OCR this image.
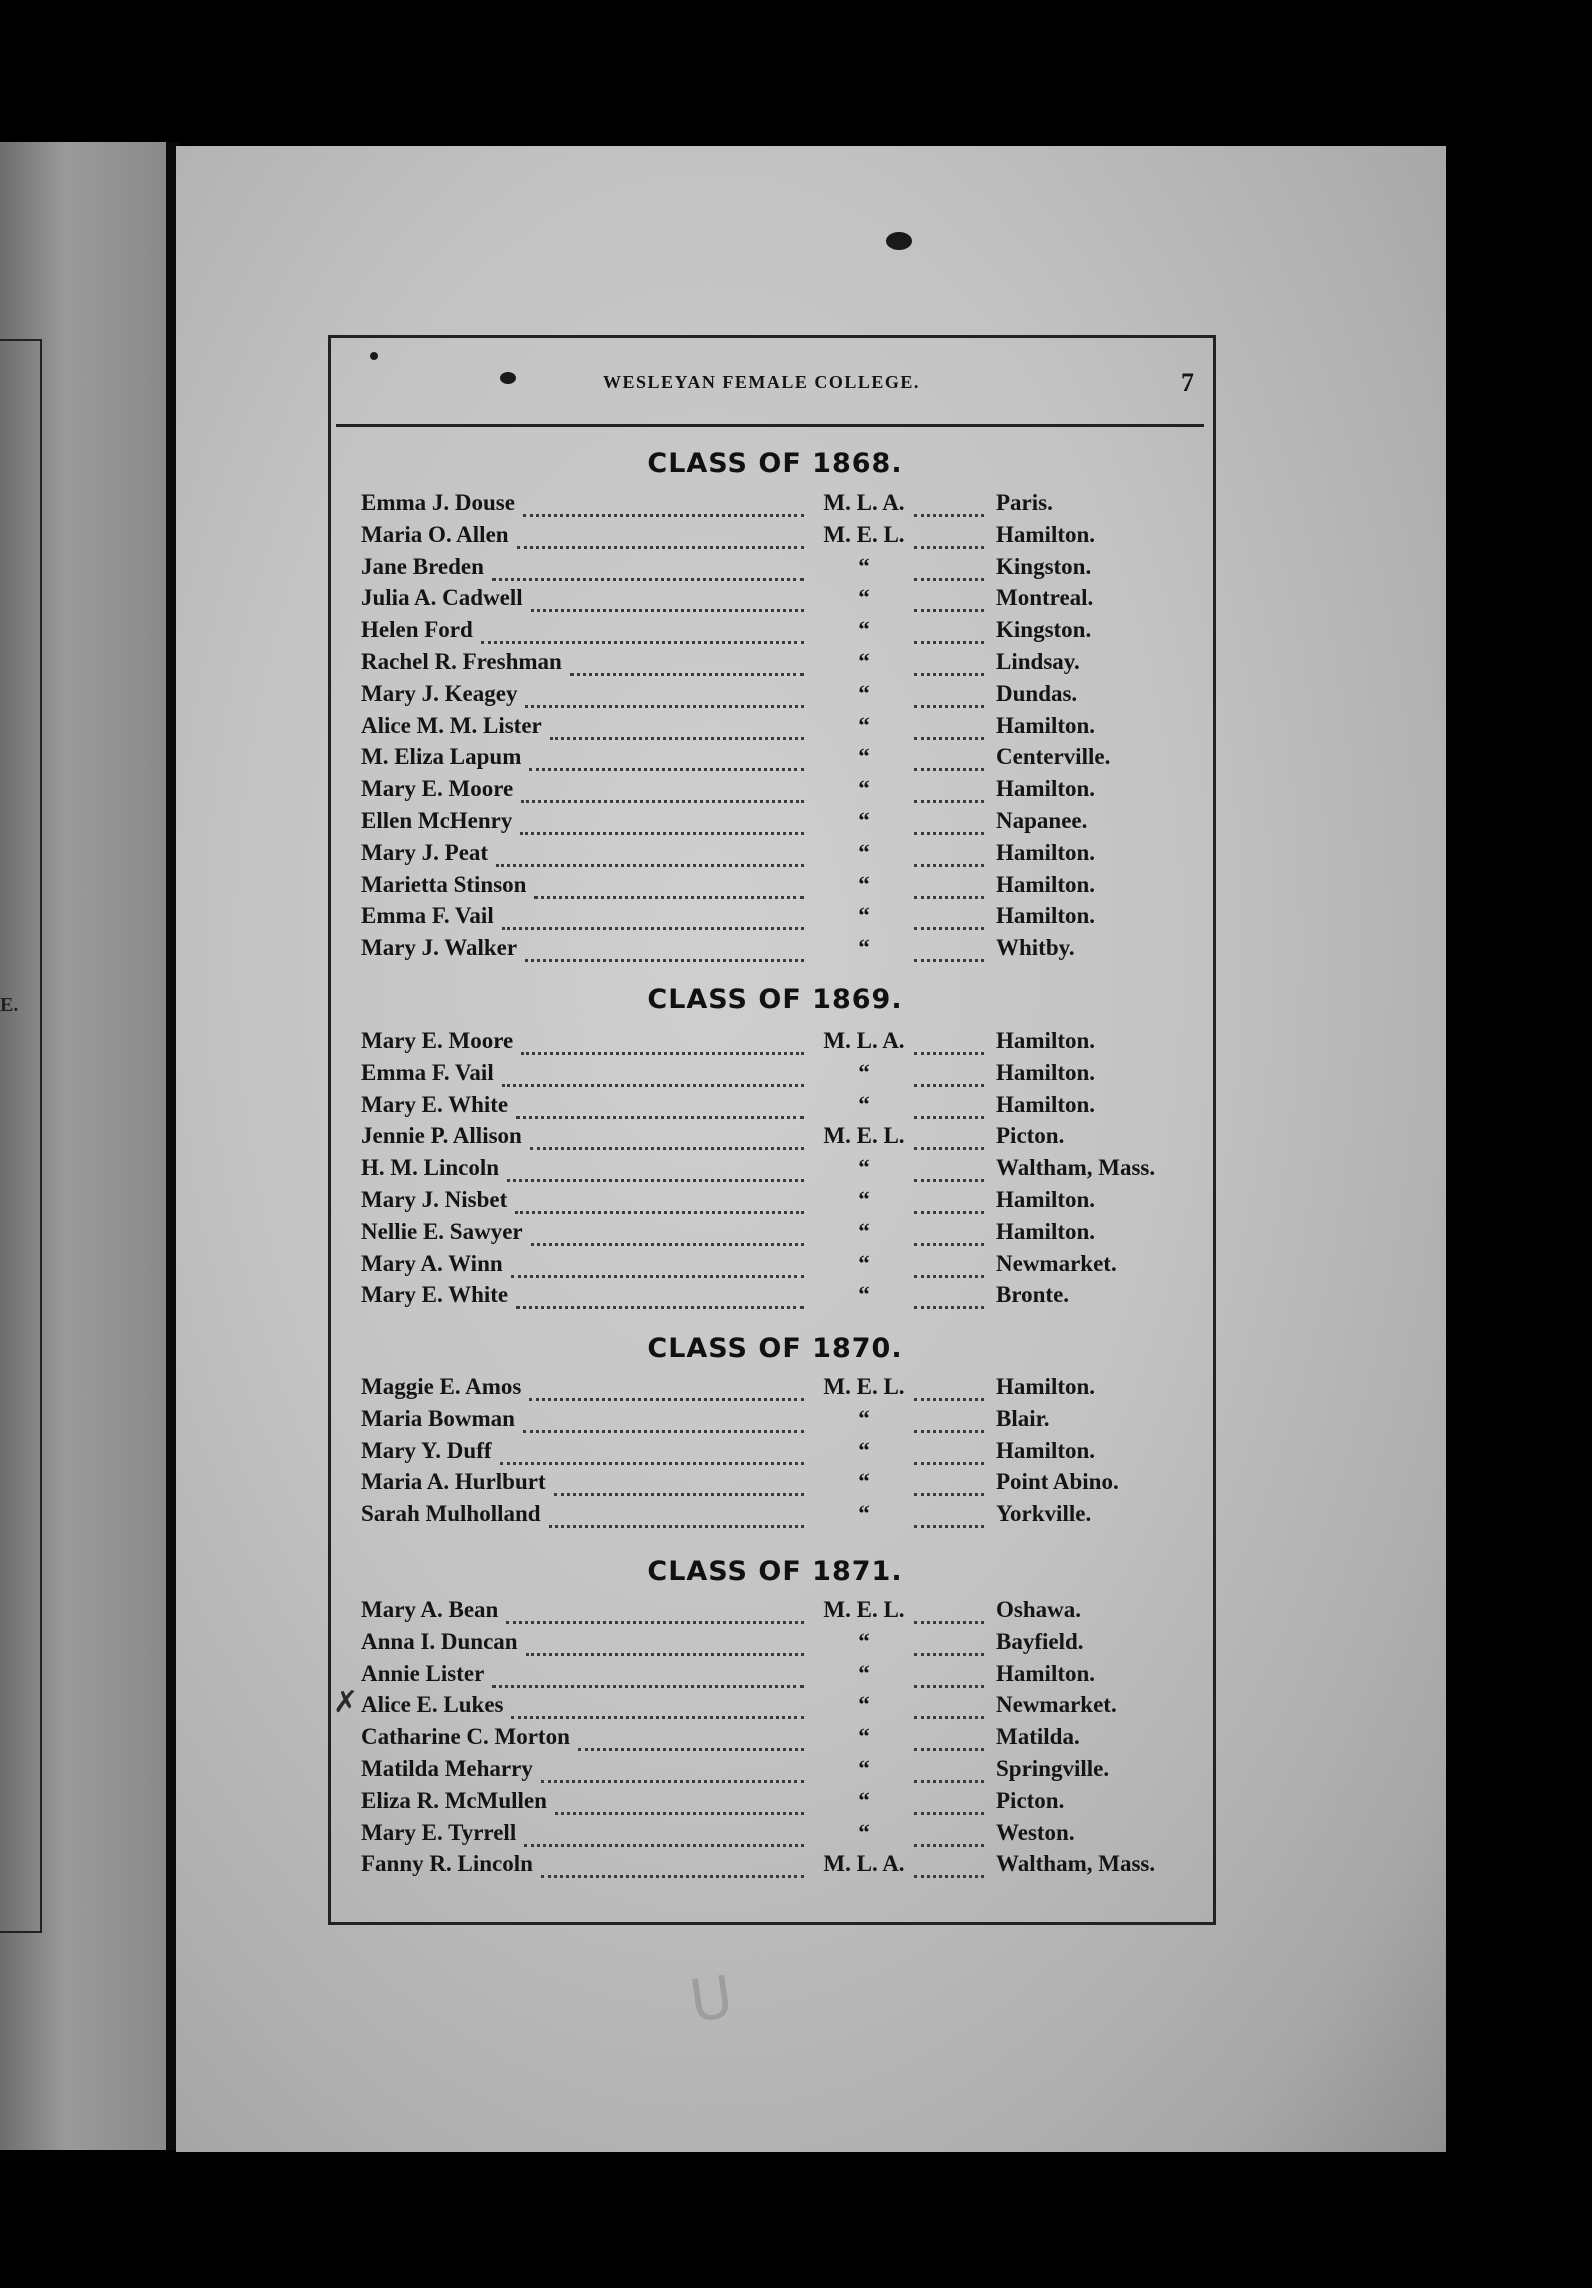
E.
WESLEYAN FEMALE COLLEGE.	7
CLASS OF 1868.
Emma J. Douse	M. L. A.	Paris.
Maria O. Allen	M. E. L.	Hamilton.
Jane Breden	“	Kingston.
Julia A. Cadwell	“	Montreal.
Helen Ford	“	Kingston.
Rachel R. Freshman	“	Lindsay.
Mary J. Keagey	“	Dundas.
Alice M. M. Lister	“	Hamilton.
M. Eliza Lapum	“	Centerville.
Mary E. Moore	“	Hamilton.
Ellen McHenry	“	Napanee.
Mary J. Peat	“	Hamilton.
Marietta Stinson	“	Hamilton.
Emma F. Vail	“	Hamilton.
Mary J. Walker	“	Whitby.
CLASS OF 1869.
Mary E. Moore	M. L. A.	Hamilton.
Emma F. Vail	“	Hamilton.
Mary E. White	“	Hamilton.
Jennie P. Allison	M. E. L.	Picton.
H. M. Lincoln	“	Waltham, Mass.
Mary J. Nisbet	“	Hamilton.
Nellie E. Sawyer	“	Hamilton.
Mary A. Winn	“	Newmarket.
Mary E. White	“	Bronte.
CLASS OF 1870.
Maggie E. Amos	M. E. L.	Hamilton.
Maria Bowman	“	Blair.
Mary Y. Duff	“	Hamilton.
Maria A. Hurlburt	“	Point Abino.
Sarah Mulholland	“	Yorkville.
CLASS OF 1871.
Mary A. Bean	M. E. L.	Oshawa.
Anna I. Duncan	“	Bayfield.
Annie Lister	“	Hamilton.
Alice E. Lukes	“	Newmarket.
Catharine C. Morton	“	Matilda.
Matilda Meharry	“	Springville.
Eliza R. McMullen	“	Picton.
Mary E. Tyrrell	“	Weston.
Fanny R. Lincoln	M. L. A.	Waltham, Mass.
✗
U
